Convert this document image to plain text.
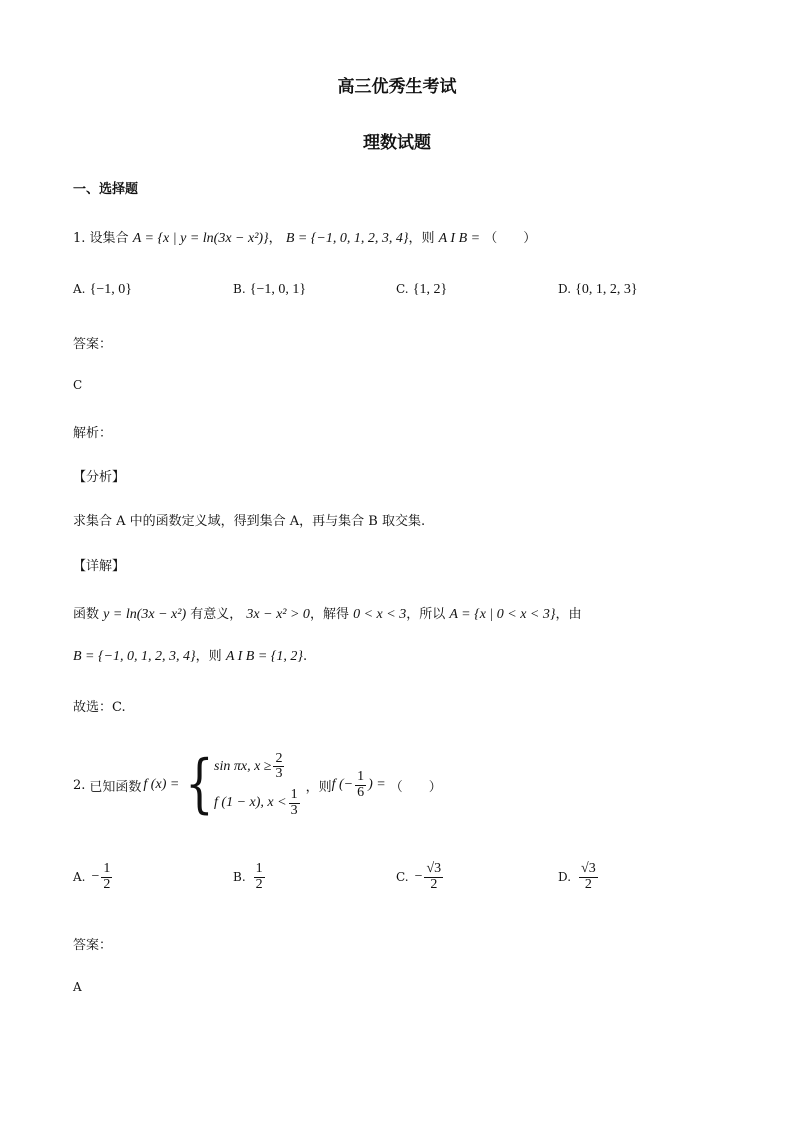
高三优秀生考试
理数试题
一、选择题
1. 设集合 A = {x | y = ln(3x − x²)}， B = {−1, 0, 1, 2, 3, 4}，则 A I B = （　　）
A. {−1, 0}	B. {−1, 0, 1}	C. {1, 2}	D. {0, 1, 2, 3}
答案：
C
解析：
【分析】
求集合 A 中的函数定义域，得到集合 A，再与集合 B 取交集.
【详解】
函数 y = ln(3x − x²) 有意义， 3x − x² > 0，解得 0 < x < 3，所以 A = {x | 0 < x < 3}，由
B = {−1, 0, 1, 2, 3, 4}，则 A I B = {1, 2}.
故选：C.
2. 已知函数 f (x) = { sin πx, $x \ge \frac{2}{3}$
f (1 − x), $x < \frac{1}{3}$
，则 f (− $\frac{1}{6}$ ) = （　　）
A. − $\frac{1}{2}$	B. $\frac{1}{2}$	C. − $\frac{√3}{2}$	D. $\frac{√3}{2}$
答案：
A
